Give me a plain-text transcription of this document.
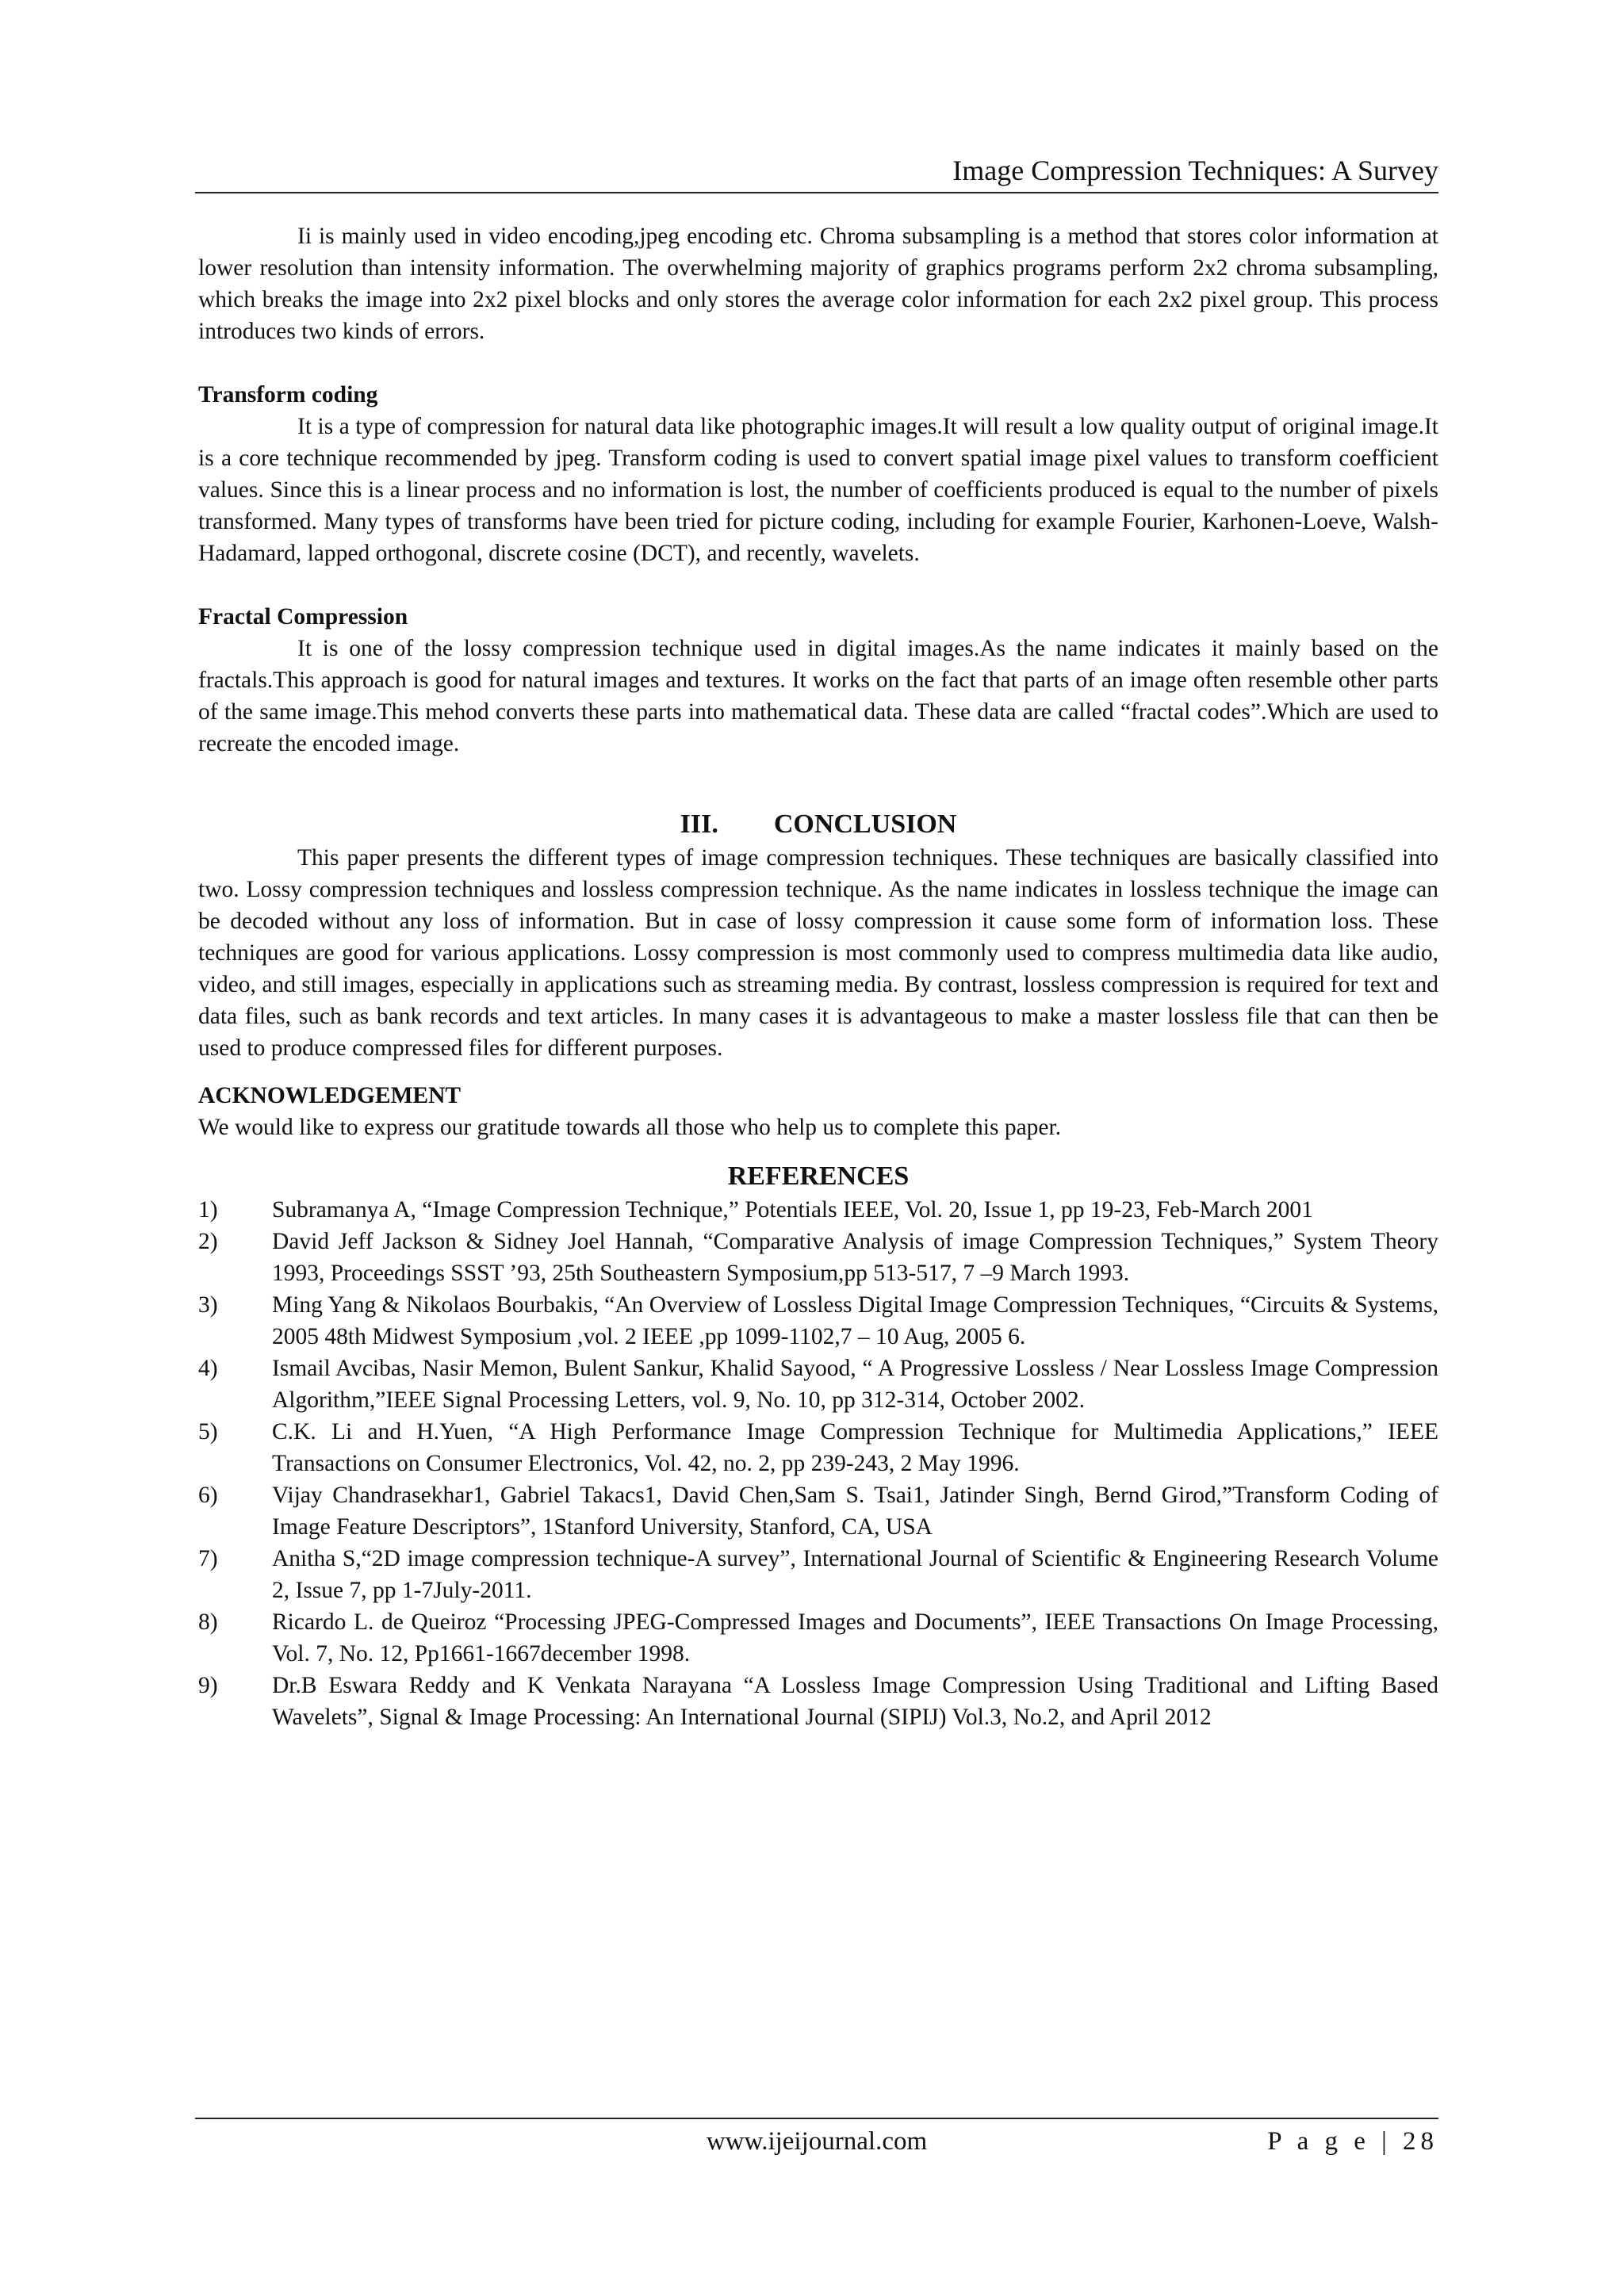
Image Compression Techniques: A Survey

Ii is mainly used in video encoding,jpeg encoding etc. Chroma subsampling is a method that stores color information at lower resolution than intensity information. The overwhelming majority of graphics programs perform 2x2 chroma subsampling, which breaks the image into 2x2 pixel blocks and only stores the average color information for each 2x2 pixel group. This process introduces two kinds of errors.

Transform coding

It is a type of compression for natural data like photographic images.It will result a low quality output of original image.It is a core technique recommended by jpeg. Transform coding is used to convert spatial image pixel values to transform coefficient values. Since this is a linear process and no information is lost, the number of coefficients produced is equal to the number of pixels transformed. Many types of transforms have been tried for picture coding, including for example Fourier, Karhonen-Loeve, Walsh-Hadamard, lapped orthogonal, discrete cosine (DCT), and recently, wavelets.

Fractal Compression

It is one of the lossy compression technique used in digital images.As the name indicates it mainly based on the fractals.This approach is good for natural images and textures. It works on the fact that parts of an image often resemble other parts of the same image.This mehod converts these parts into mathematical data. These data are called “fractal codes”.Which are used to recreate the encoded image.

III. CONCLUSION

This paper presents the different types of image compression techniques. These techniques are basically classified into two. Lossy compression techniques and lossless compression technique. As the name indicates in lossless technique the image can be decoded without any loss of information. But in case of lossy compression it cause some form of information loss. These techniques are good for various applications. Lossy compression is most commonly used to compress multimedia data like audio, video, and still images, especially in applications such as streaming media. By contrast, lossless compression is required for text and data files, such as bank records and text articles. In many cases it is advantageous to make a master lossless file that can then be used to produce compressed files for different purposes.

ACKNOWLEDGEMENT

We would like to express our gratitude towards all those who help us to complete this paper.

REFERENCES

1)	Subramanya A, “Image Compression Technique,” Potentials IEEE, Vol. 20, Issue 1, pp 19-23, Feb-March 2001
2)	David Jeff Jackson & Sidney Joel Hannah, “Comparative Analysis of image Compression Techniques,” System Theory 1993, Proceedings SSST ’93, 25th Southeastern Symposium,pp 513-517, 7 –9 March 1993.
3)	Ming Yang & Nikolaos Bourbakis, “An Overview of Lossless Digital Image Compression Techniques, “Circuits & Systems, 2005 48th Midwest Symposium ,vol. 2 IEEE ,pp 1099-1102,7 – 10 Aug, 2005 6.
4)	Ismail Avcibas, Nasir Memon, Bulent Sankur, Khalid Sayood, “ A Progressive Lossless / Near Lossless Image Compression Algorithm,”IEEE Signal Processing Letters, vol. 9, No. 10, pp 312-314, October 2002.
5)	C.K. Li and H.Yuen, “A High Performance Image Compression Technique for Multimedia Applications,” IEEE Transactions on Consumer Electronics, Vol. 42, no. 2, pp 239-243, 2 May 1996.
6)	Vijay Chandrasekhar1, Gabriel Takacs1, David Chen,Sam S. Tsai1, Jatinder Singh, Bernd Girod,”Transform Coding of Image Feature Descriptors”, 1Stanford University, Stanford, CA, USA
7)	Anitha S,“2D image compression technique-A survey”, International Journal of Scientific & Engineering Research Volume 2, Issue 7, pp 1-7July-2011.
8)	Ricardo L. de Queiroz “Processing JPEG-Compressed Images and Documents”, IEEE Transactions On Image Processing, Vol. 7, No. 12, Pp1661-1667december 1998.
9)	Dr.B Eswara Reddy and K Venkata Narayana “A Lossless Image Compression Using Traditional and Lifting Based Wavelets”, Signal & Image Processing: An International Journal (SIPIJ) Vol.3, No.2, and April 2012
www.ijeijournal.com	P a g e | 28
